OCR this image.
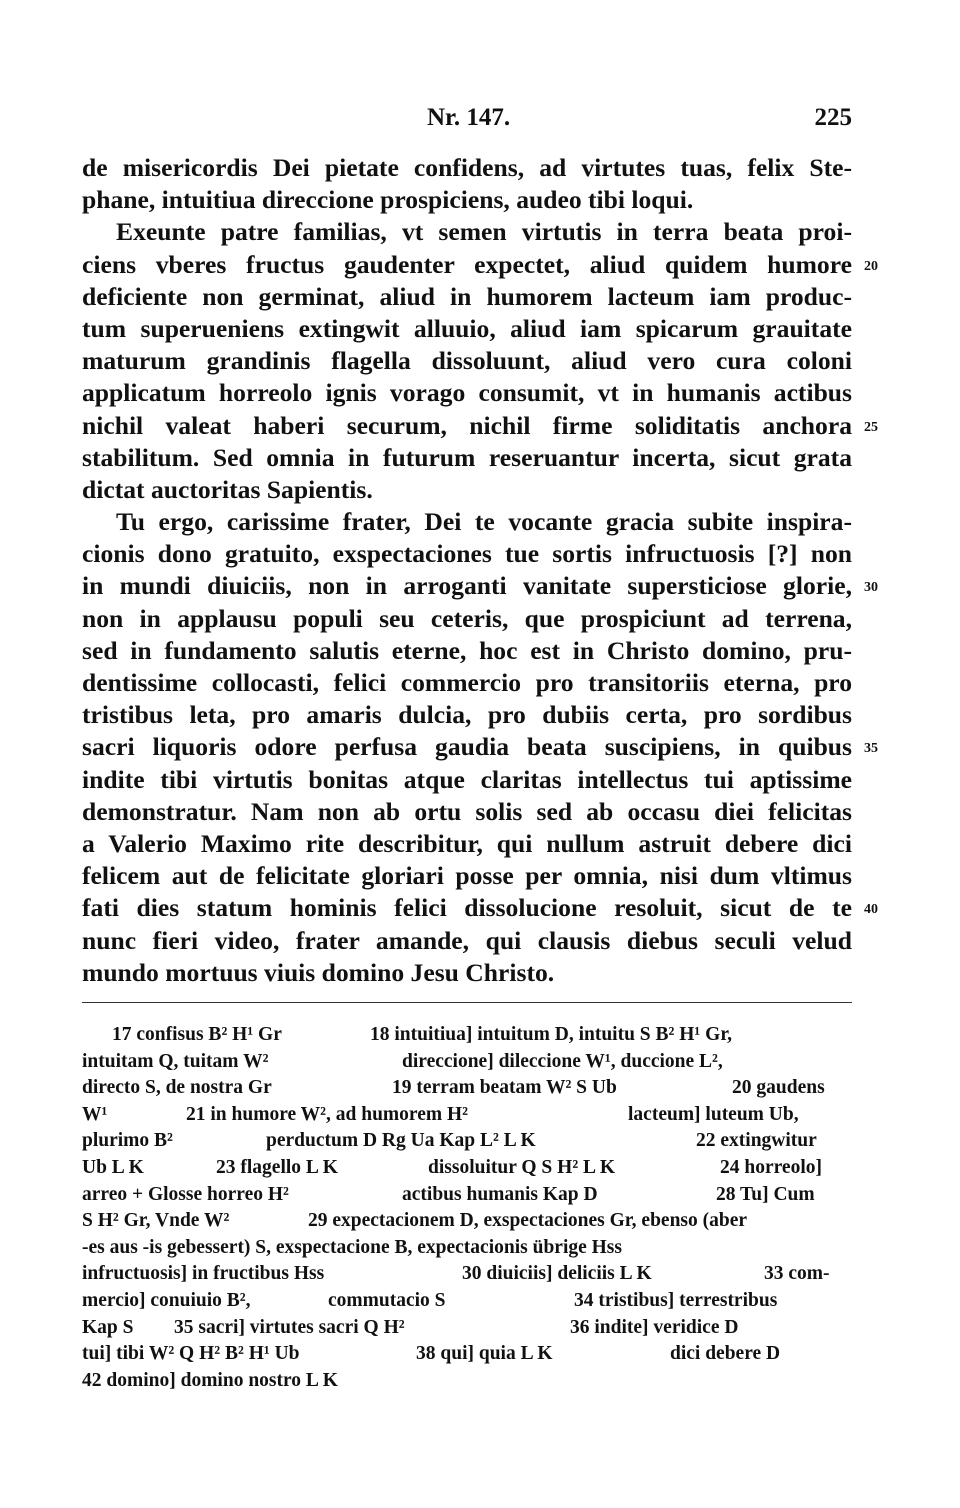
Nr. 147.	225
de misericordis Dei pietate confidens, ad virtutes tuas, felix Ste-
phane, intuitiua direccione prospiciens, audeo tibi loqui.
Exeunte patre familias, vt semen virtutis in terra beata proi-
ciens vberes fructus gaudenter expectet, aliud quidem humore 20
deficiente non germinat, aliud in humorem lacteum iam produc-
tum superueniens extingwit alluuio, aliud iam spicarum grauitate
maturum grandinis flagella dissoluunt, aliud vero cura coloni
applicatum horreolo ignis vorago consumit, vt in humanis actibus
nichil valeat haberi securum, nichil firme soliditatis anchora 25
stabilitum. Sed omnia in futurum reseruantur incerta, sicut grata
dictat auctoritas Sapientis.
Tu ergo, carissime frater, Dei te vocante gracia subite inspira-
cionis dono gratuito, exspectaciones tue sortis infructuosis [?] non
in mundi diuiciis, non in arroganti vanitate supersticiose glorie, 30
non in applausu populi seu ceteris, que prospiciunt ad terrena,
sed in fundamento salutis eterne, hoc est in Christo domino, pru-
dentissime collocasti, felici commercio pro transitoriis eterna, pro
tristibus leta, pro amaris dulcia, pro dubiis certa, pro sordibus
sacri liquoris odore perfusa gaudia beata suscipiens, in quibus 35
indite tibi virtutis bonitas atque claritas intellectus tui aptissime
demonstratur. Nam non ab ortu solis sed ab occasu diei felicitas
a Valerio Maximo rite describitur, qui nullum astruit debere dici
felicem aut de felicitate gloriari posse per omnia, nisi dum vltimus
fati dies statum hominis felici dissolucione resoluit, sicut de te 40
nunc fieri video, frater amande, qui clausis diebus seculi velud
mundo mortuus viuis domino Jesu Christo.
17 confisus B² H¹ Gr	18 intuitiua] intuitum D, intuitu S B² H¹ Gr,
intuitam Q, tuitam W²	direccione] dileccione W¹, duccione L²,
directo S, de nostra Gr	19 terram beatam W² S Ub	20 gaudens
W¹	21 in humore W², ad humorem H²	lacteum] luteum Ub,
plurimo B²	perductum D Rg Ua Kap L² L K	22 extingwitur
Ub L K	23 flagello L K	dissoluitur Q S H² L K	24 horreolo]
arreo + Glosse horreo H²	actibus humanis Kap D	28 Tu] Cum
S H² Gr, Vnde W²	29 expectacionem D, exspectaciones Gr, ebenso (aber
-es aus -is gebessert) S, exspectacione B, expectacionis übrige Hss
infructuosis] in fructibus Hss	30 diuiciis] deliciis L K	33 com-
mercio] conuiuio B²,	commutacio S	34 tristibus] terrestribus
Kap S 35 sacri] virtutes sacri Q H²	36 indite] veridice D
tui] tibi W² Q H² B² H¹ Ub	38 qui] quia L K	dici debere D
42 domino] domino nostro L K
